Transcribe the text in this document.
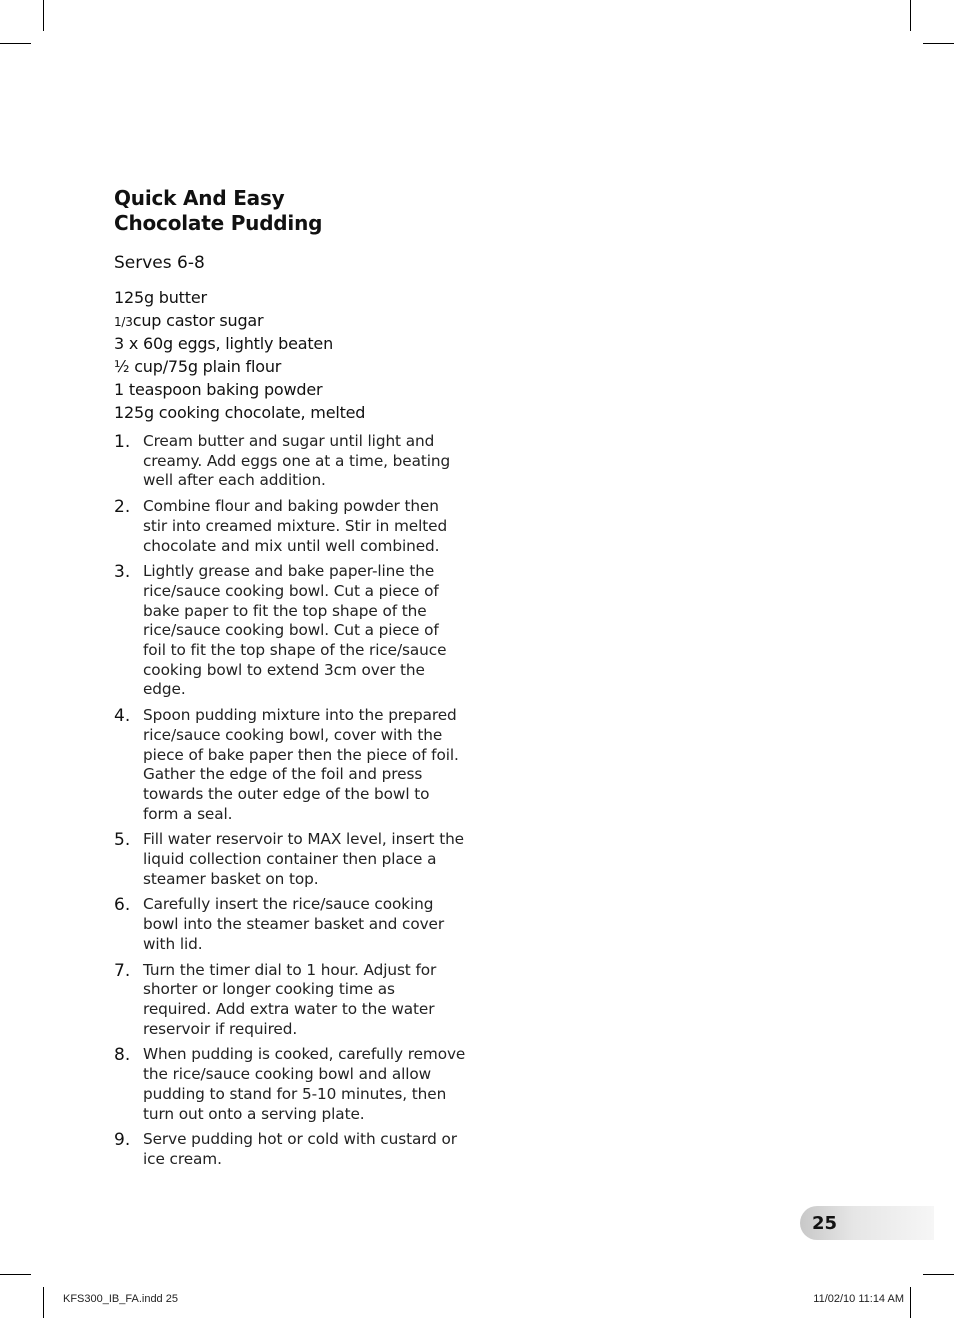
Quick And Easy
Chocolate Pudding
Serves 6-8
125g butter
1/3cup castor sugar
3 x 60g eggs, lightly beaten
½ cup/75g plain flour
1 teaspoon baking powder
125g cooking chocolate, melted
1. Cream butter and sugar until light and creamy. Add eggs one at a time, beating well after each addition.
2. Combine flour and baking powder then stir into creamed mixture. Stir in melted chocolate and mix until well combined.
3. Lightly grease and bake paper-line the rice/sauce cooking bowl. Cut a piece of bake paper to fit the top shape of the rice/sauce cooking bowl. Cut a piece of foil to fit the top shape of the rice/sauce cooking bowl to extend 3cm over the edge.
4. Spoon pudding mixture into the prepared rice/sauce cooking bowl, cover with the piece of bake paper then the piece of foil. Gather the edge of the foil and press towards the outer edge of the bowl to form a seal.
5. Fill water reservoir to MAX level, insert the liquid collection container then place a steamer basket on top.
6. Carefully insert the rice/sauce cooking bowl into the steamer basket and cover with lid.
7. Turn the timer dial to 1 hour. Adjust for shorter or longer cooking time as required. Add extra water to the water reservoir if required.
8. When pudding is cooked, carefully remove the rice/sauce cooking bowl and allow pudding to stand for 5-10 minutes, then turn out onto a serving plate.
9. Serve pudding hot or cold with custard or ice cream.
25
KFS300_IB_FA.indd 25	11/02/10 11:14 AM
